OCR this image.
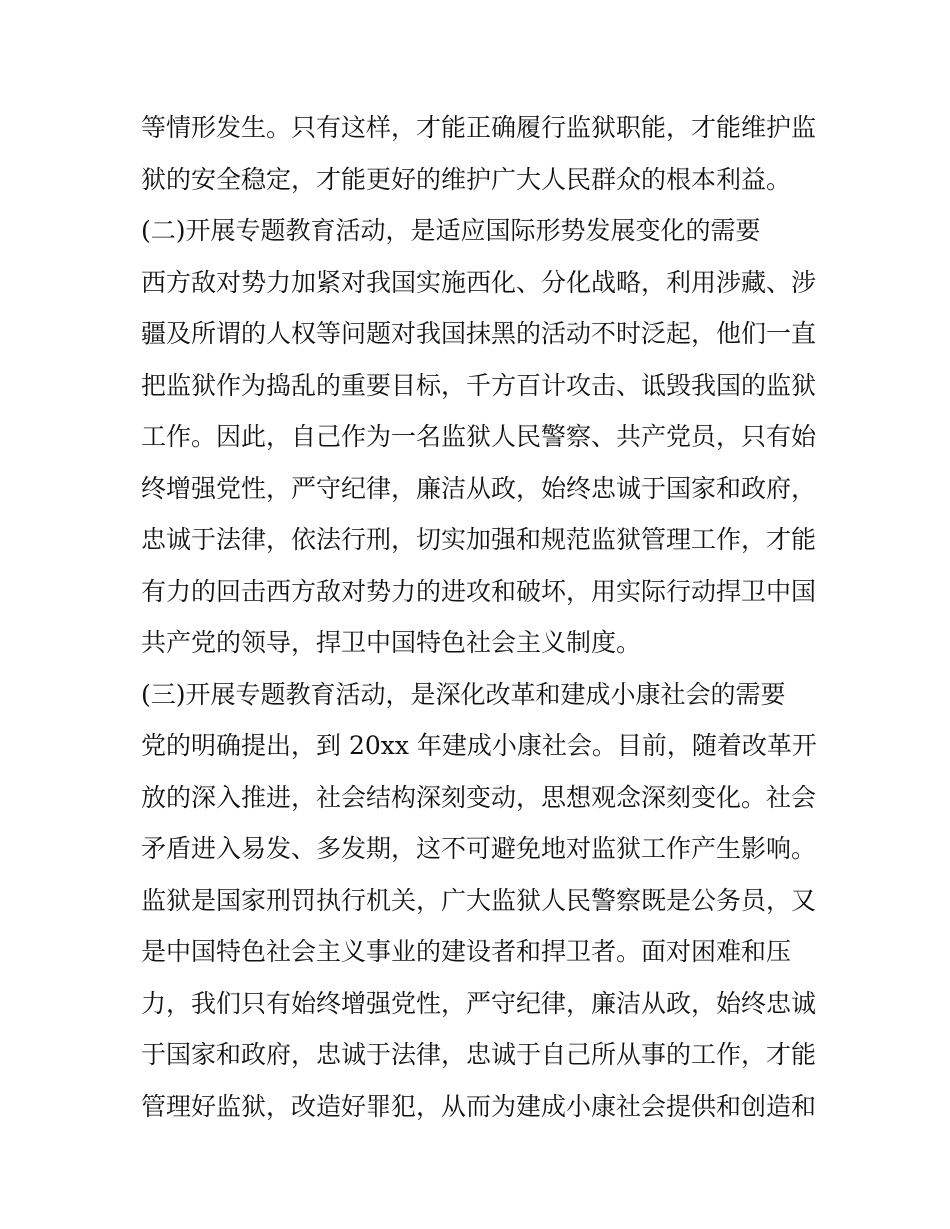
等情形发生。只有这样，才能正确履行监狱职能，才能维护监
狱的安全稳定，才能更好的维护广大人民群众的根本利益。
(二)开展专题教育活动，是适应国际形势发展变化的需要
西方敌对势力加紧对我国实施西化、分化战略，利用涉藏、涉
疆及所谓的人权等问题对我国抹黑的活动不时泛起，他们一直
把监狱作为捣乱的重要目标，千方百计攻击、诋毁我国的监狱
工作。因此，自己作为一名监狱人民警察、共产党员，只有始
终增强党性，严守纪律，廉洁从政，始终忠诚于国家和政府，
忠诚于法律，依法行刑，切实加强和规范监狱管理工作，才能
有力的回击西方敌对势力的进攻和破坏，用实际行动捍卫中国
共产党的领导，捍卫中国特色社会主义制度。
(三)开展专题教育活动，是深化改革和建成小康社会的需要
党的明确提出，到 20xx 年建成小康社会。目前，随着改革开
放的深入推进，社会结构深刻变动，思想观念深刻变化。社会
矛盾进入易发、多发期，这不可避免地对监狱工作产生影响。
监狱是国家刑罚执行机关，广大监狱人民警察既是公务员，又
是中国特色社会主义事业的建设者和捍卫者。面对困难和压
力，我们只有始终增强党性，严守纪律，廉洁从政，始终忠诚
于国家和政府，忠诚于法律，忠诚于自己所从事的工作，才能
管理好监狱，改造好罪犯，从而为建成小康社会提供和创造和
